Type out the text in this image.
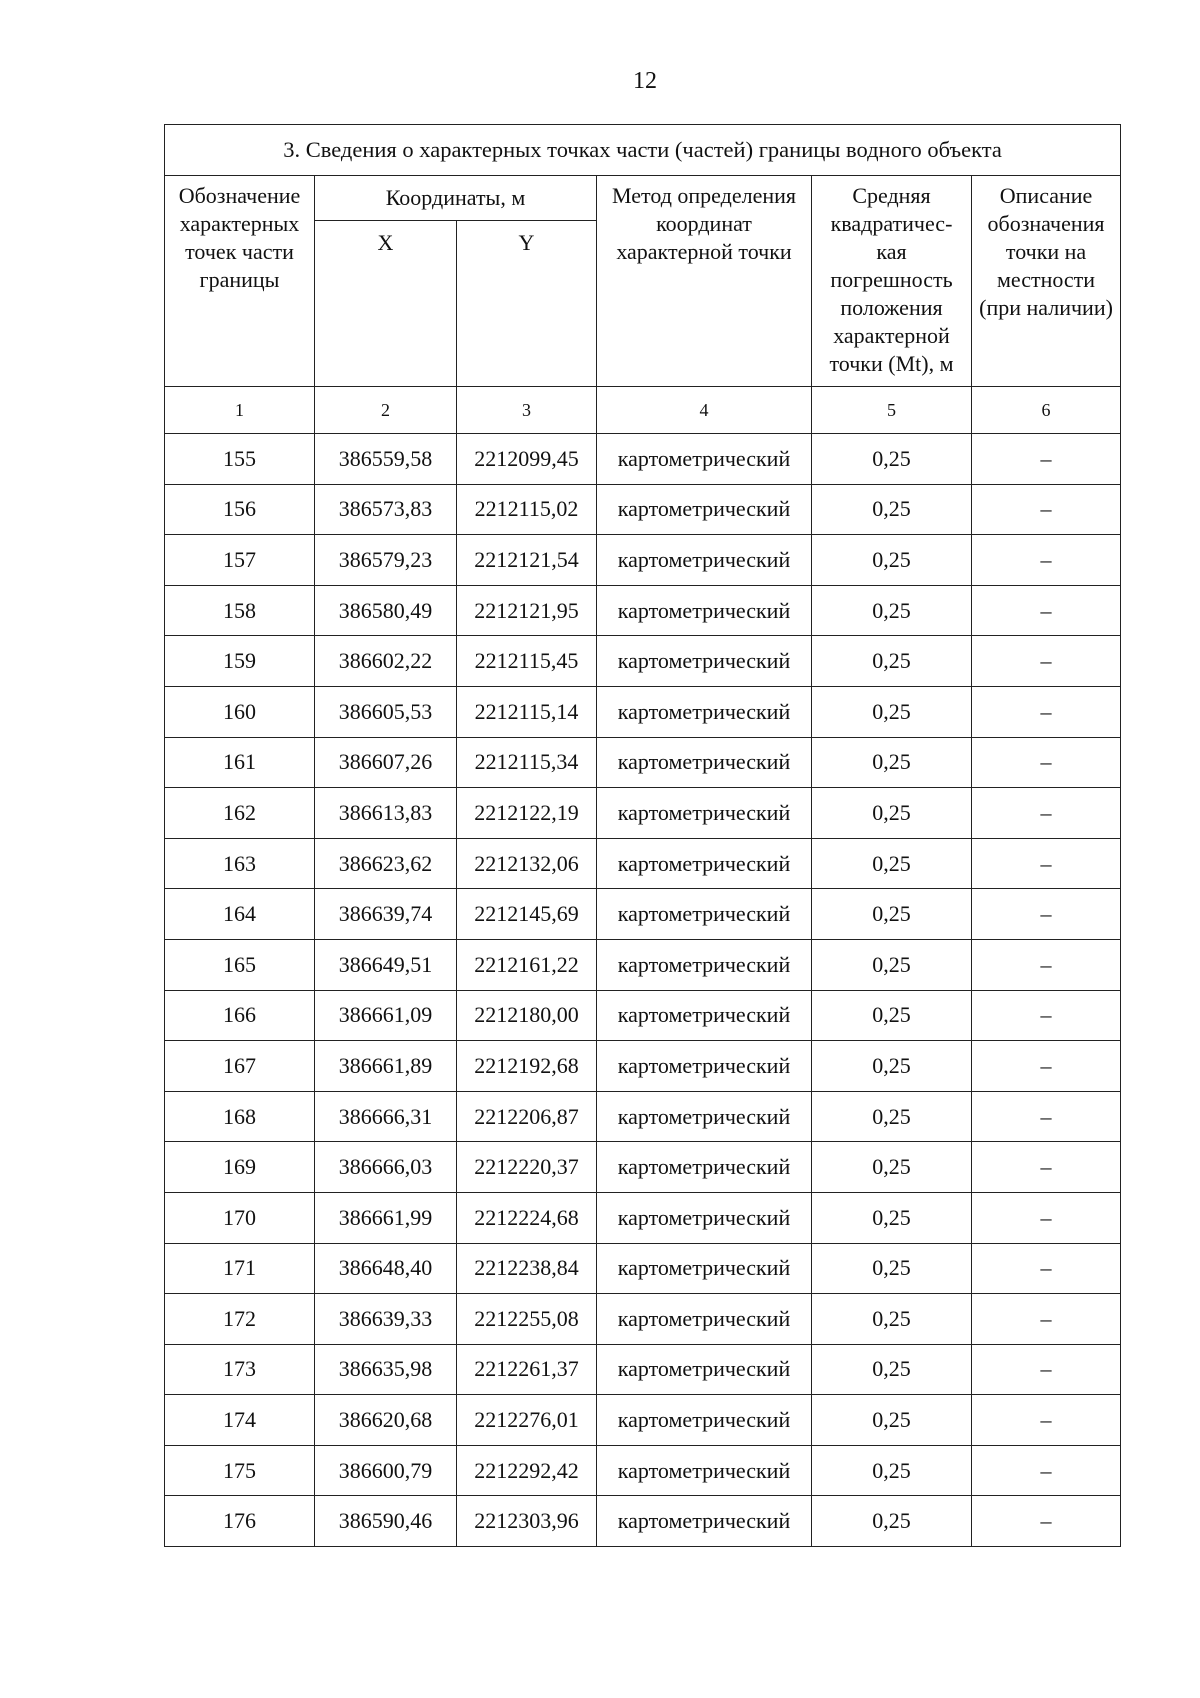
12
3. Сведения о характерных точках части (частей) границы водного объекта					
Обозначение характерных точек части границы	Координаты, м		Метод определения координат характерной точки	Средняя квадратичес-кая погрешность положения характерной точки (Mt), м	Описание обозначения точки на местности (при наличии)
	X	Y			
1	2	3	4	5	6
155	386559,58	2212099,45	картометрический	0,25	–
156	386573,83	2212115,02	картометрический	0,25	–
157	386579,23	2212121,54	картометрический	0,25	–
158	386580,49	2212121,95	картометрический	0,25	–
159	386602,22	2212115,45	картометрический	0,25	–
160	386605,53	2212115,14	картометрический	0,25	–
161	386607,26	2212115,34	картометрический	0,25	–
162	386613,83	2212122,19	картометрический	0,25	–
163	386623,62	2212132,06	картометрический	0,25	–
164	386639,74	2212145,69	картометрический	0,25	–
165	386649,51	2212161,22	картометрический	0,25	–
166	386661,09	2212180,00	картометрический	0,25	–
167	386661,89	2212192,68	картометрический	0,25	–
168	386666,31	2212206,87	картометрический	0,25	–
169	386666,03	2212220,37	картометрический	0,25	–
170	386661,99	2212224,68	картометрический	0,25	–
171	386648,40	2212238,84	картометрический	0,25	–
172	386639,33	2212255,08	картометрический	0,25	–
173	386635,98	2212261,37	картометрический	0,25	–
174	386620,68	2212276,01	картометрический	0,25	–
175	386600,79	2212292,42	картометрический	0,25	–
176	386590,46	2212303,96	картометрический	0,25	–
